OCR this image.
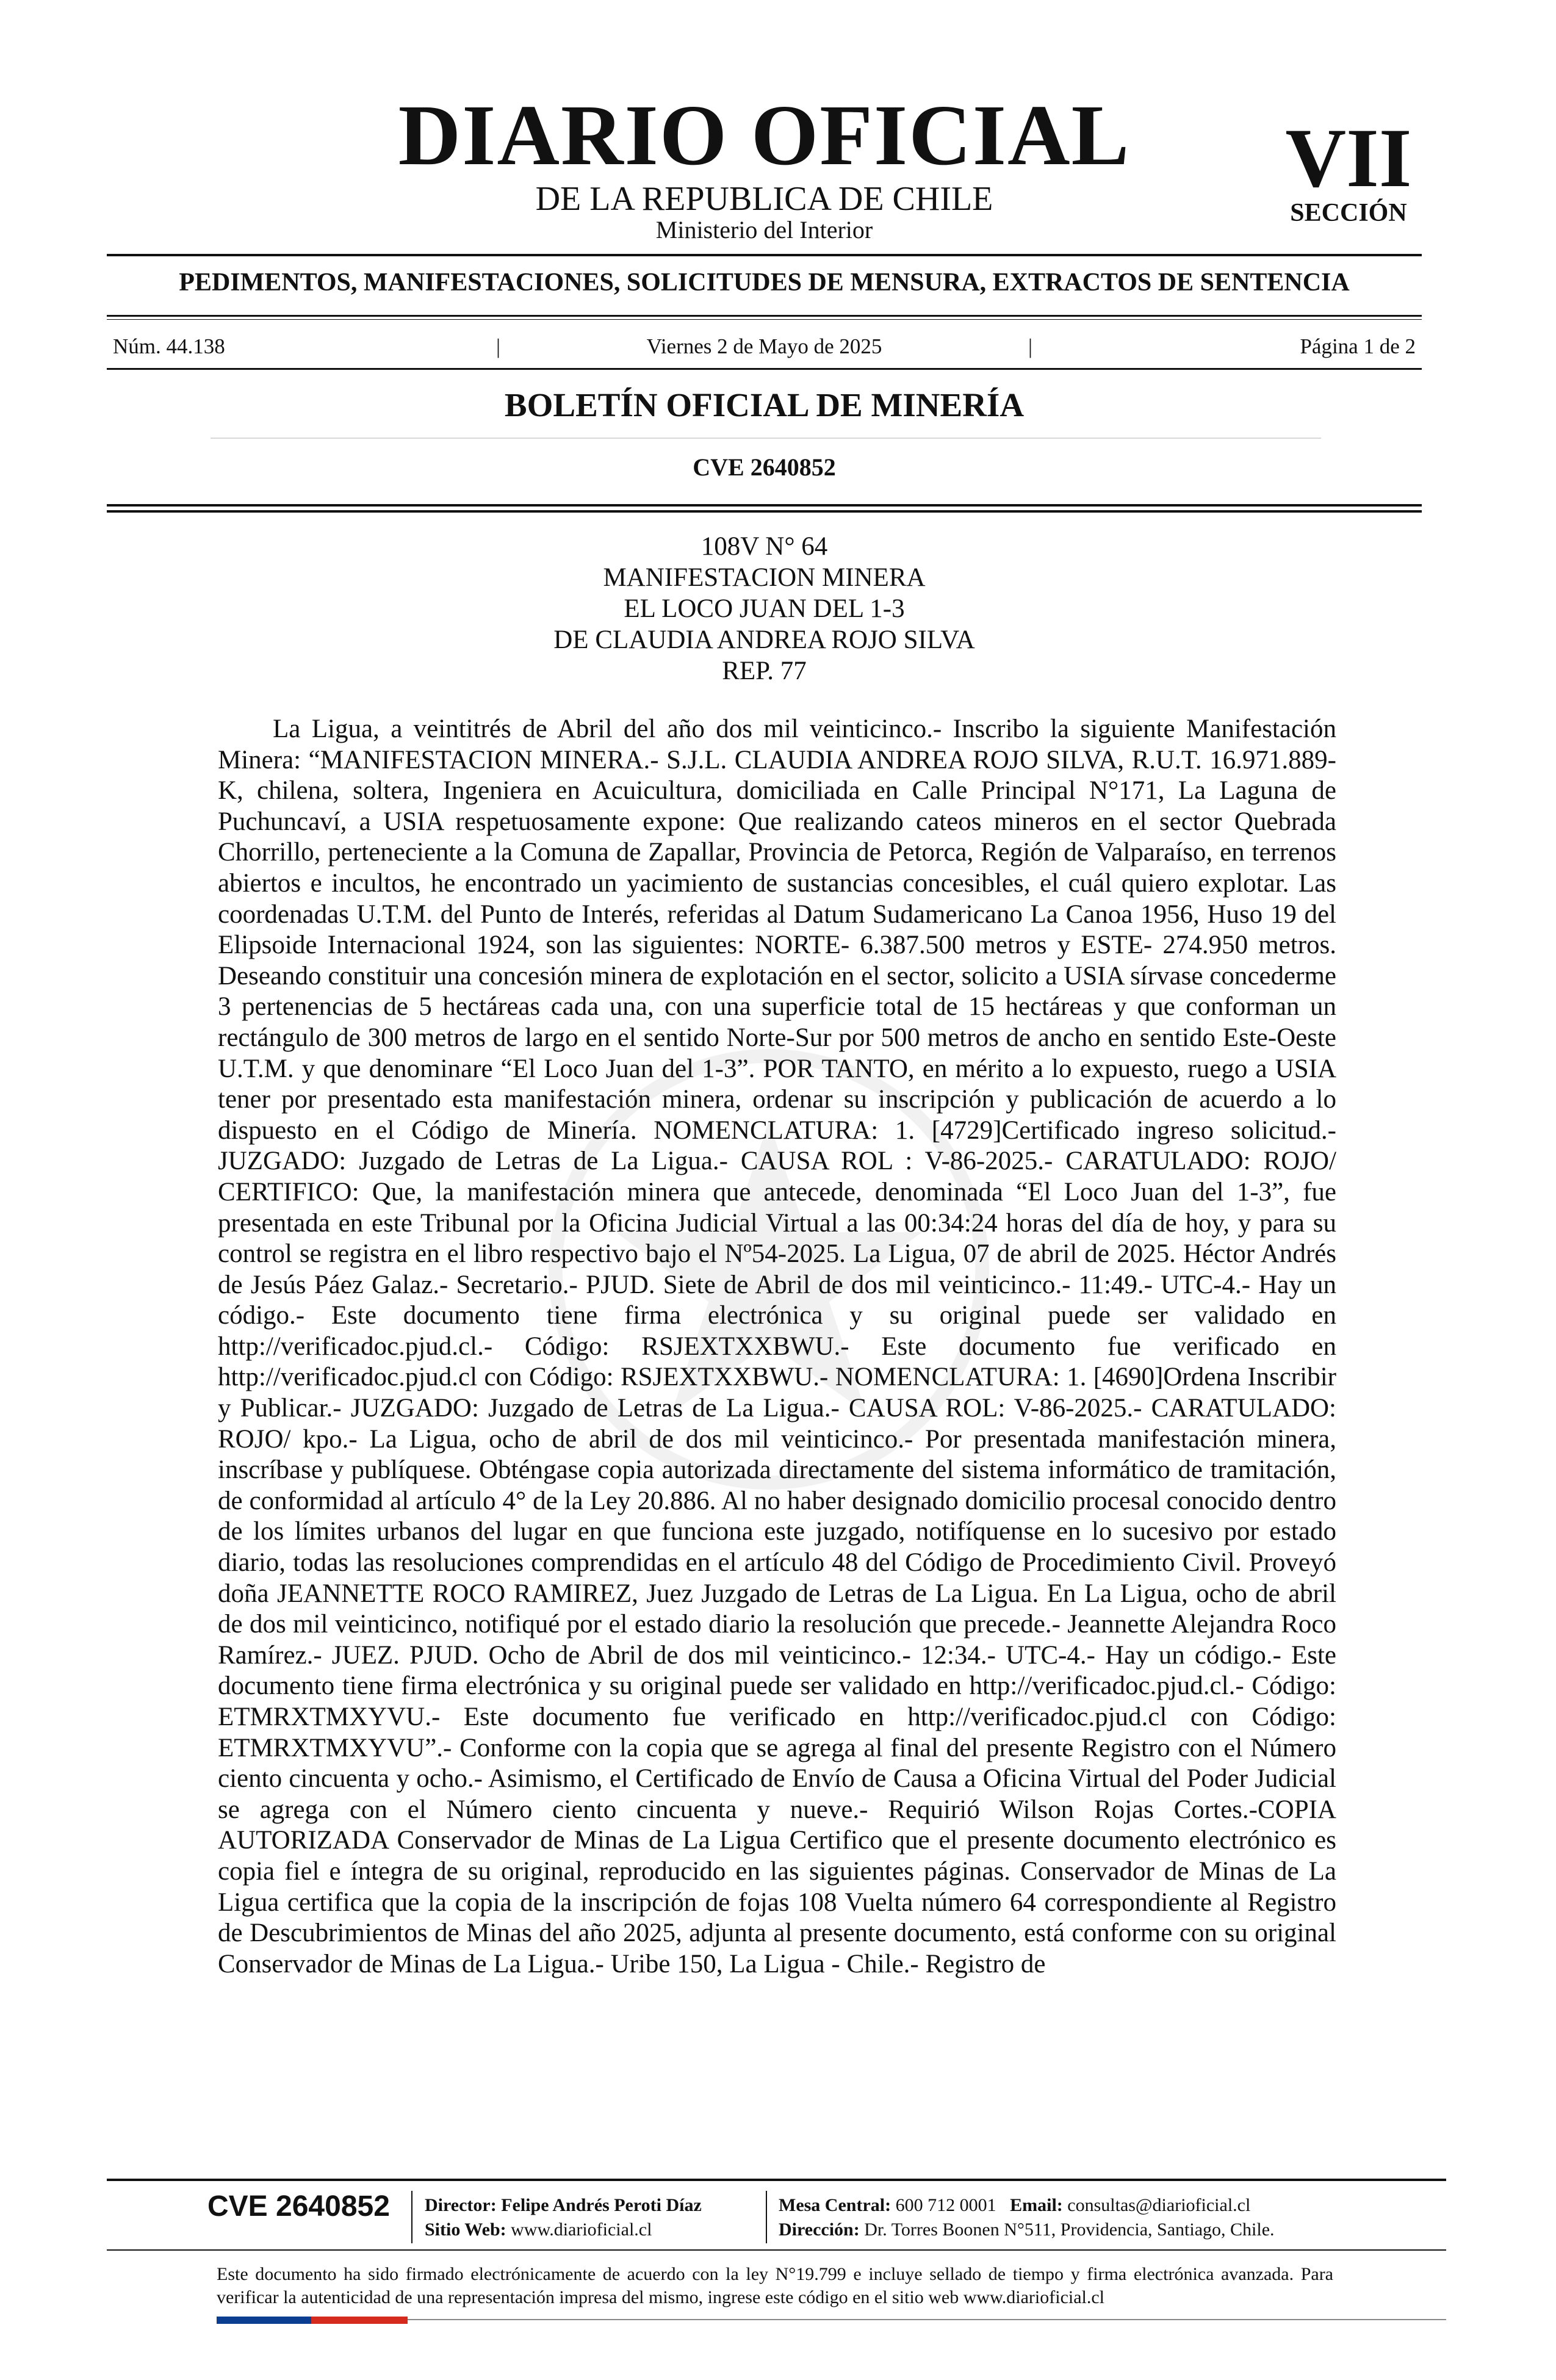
DIARIO OFICIAL
DE LA REPUBLICA DE CHILE
Ministerio del Interior
VII
SECCIÓN
PEDIMENTOS, MANIFESTACIONES, SOLICITUDES DE MENSURA, EXTRACTOS DE SENTENCIA
Núm. 44.138	|	Viernes 2 de Mayo de 2025	|	Página 1 de 2
BOLETÍN OFICIAL DE MINERÍA
CVE 2640852
108V N° 64
MANIFESTACION MINERA
EL LOCO JUAN DEL 1-3
DE CLAUDIA ANDREA ROJO SILVA
REP. 77

La Ligua, a veintitrés de Abril del año dos mil veinticinco.- Inscribo la siguiente Manifestación Minera: “MANIFESTACION MINERA.- S.J.L. CLAUDIA ANDREA ROJO SILVA, R.U.T. 16.971.889-K, chilena, soltera, Ingeniera en Acuicultura, domiciliada en Calle Principal N°171, La Laguna de Puchuncaví, a USIA respetuosamente expone: Que realizando cateos mineros en el sector Quebrada Chorrillo, perteneciente a la Comuna de Zapallar, Provincia de Petorca, Región de Valparaíso, en terrenos abiertos e incultos, he encontrado un yacimiento de sustancias concesibles, el cuál quiero explotar. Las coordenadas U.T.M. del Punto de Interés, referidas al Datum Sudamericano La Canoa 1956, Huso 19 del Elipsoide Internacional 1924, son las siguientes: NORTE- 6.387.500 metros y ESTE- 274.950 metros. Deseando constituir una concesión minera de explotación en el sector, solicito a USIA sírvase concederme 3 pertenencias de 5 hectáreas cada una, con una superficie total de 15 hectáreas y que conforman un rectángulo de 300 metros de largo en el sentido Norte-Sur por 500 metros de ancho en sentido Este-Oeste U.T.M. y que denominare “El Loco Juan del 1-3”. POR TANTO, en mérito a lo expuesto, ruego a USIA tener por presentado esta manifestación minera, ordenar su inscripción y publicación de acuerdo a lo dispuesto en el Código de Minería. NOMENCLATURA: 1. [4729]Certificado ingreso solicitud.- JUZGADO: Juzgado de Letras de La Ligua.- CAUSA ROL : V-86-2025.- CARATULADO: ROJO/ CERTIFICO: Que, la manifestación minera que antecede, denominada “El Loco Juan del 1-3”, fue presentada en este Tribunal por la Oficina Judicial Virtual a las 00:34:24 horas del día de hoy, y para su control se registra en el libro respectivo bajo el Nº54-2025. La Ligua, 07 de abril de 2025. Héctor Andrés de Jesús Páez Galaz.- Secretario.- PJUD. Siete de Abril de dos mil veinticinco.- 11:49.- UTC-4.- Hay un código.- Este documento tiene firma electrónica y su original puede ser validado en http://verificadoc.pjud.cl.- Código: RSJEXTXXBWU.- Este documento fue verificado en http://verificadoc.pjud.cl con Código: RSJEXTXXBWU.- NOMENCLATURA: 1. [4690]Ordena Inscribir y Publicar.- JUZGADO: Juzgado de Letras de La Ligua.- CAUSA ROL: V-86-2025.- CARATULADO: ROJO/ kpo.- La Ligua, ocho de abril de dos mil veinticinco.- Por presentada manifestación minera, inscríbase y publíquese. Obténgase copia autorizada directamente del sistema informático de tramitación, de conformidad al artículo 4° de la Ley 20.886. Al no haber designado domicilio procesal conocido dentro de los límites urbanos del lugar en que funciona este juzgado, notifíquense en lo sucesivo por estado diario, todas las resoluciones comprendidas en el artículo 48 del Código de Procedimiento Civil. Proveyó doña JEANNETTE ROCO RAMIREZ, Juez Juzgado de Letras de La Ligua. En La Ligua, ocho de abril de dos mil veinticinco, notifiqué por el estado diario la resolución que precede.- Jeannette Alejandra Roco Ramírez.- JUEZ. PJUD. Ocho de Abril de dos mil veinticinco.- 12:34.- UTC-4.- Hay un código.- Este documento tiene firma electrónica y su original puede ser validado en http://verificadoc.pjud.cl.- Código: ETMRXTMXYVU.- Este documento fue verificado en http://verificadoc.pjud.cl con Código: ETMRXTMXYVU”.- Conforme con la copia que se agrega al final del presente Registro con el Número ciento cincuenta y ocho.- Asimismo, el Certificado de Envío de Causa a Oficina Virtual del Poder Judicial se agrega con el Número ciento cincuenta y nueve.- Requirió Wilson Rojas Cortes.-COPIA AUTORIZADA Conservador de Minas de La Ligua Certifico que el presente documento electrónico es copia fiel e íntegra de su original, reproducido en las siguientes páginas. Conservador de Minas de La Ligua certifica que la copia de la inscripción de fojas 108 Vuelta número 64 correspondiente al Registro de Descubrimientos de Minas del año 2025, adjunta al presente documento, está conforme con su original Conservador de Minas de La Ligua.- Uribe 150, La Ligua - Chile.- Registro de

CVE 2640852 Director: Felipe Andrés Peroti Díaz
Sitio Web: www.diarioficial.cl
Mesa Central: 600 712 0001 Email: consultas@diarioficial.cl
Dirección: Dr. Torres Boonen N°511, Providencia, Santiago, Chile.
Este documento ha sido firmado electrónicamente de acuerdo con la ley N°19.799 e incluye sellado de tiempo y firma electrónica avanzada. Para verificar la autenticidad de una representación impresa del mismo, ingrese este código en el sitio web www.diarioficial.cl
